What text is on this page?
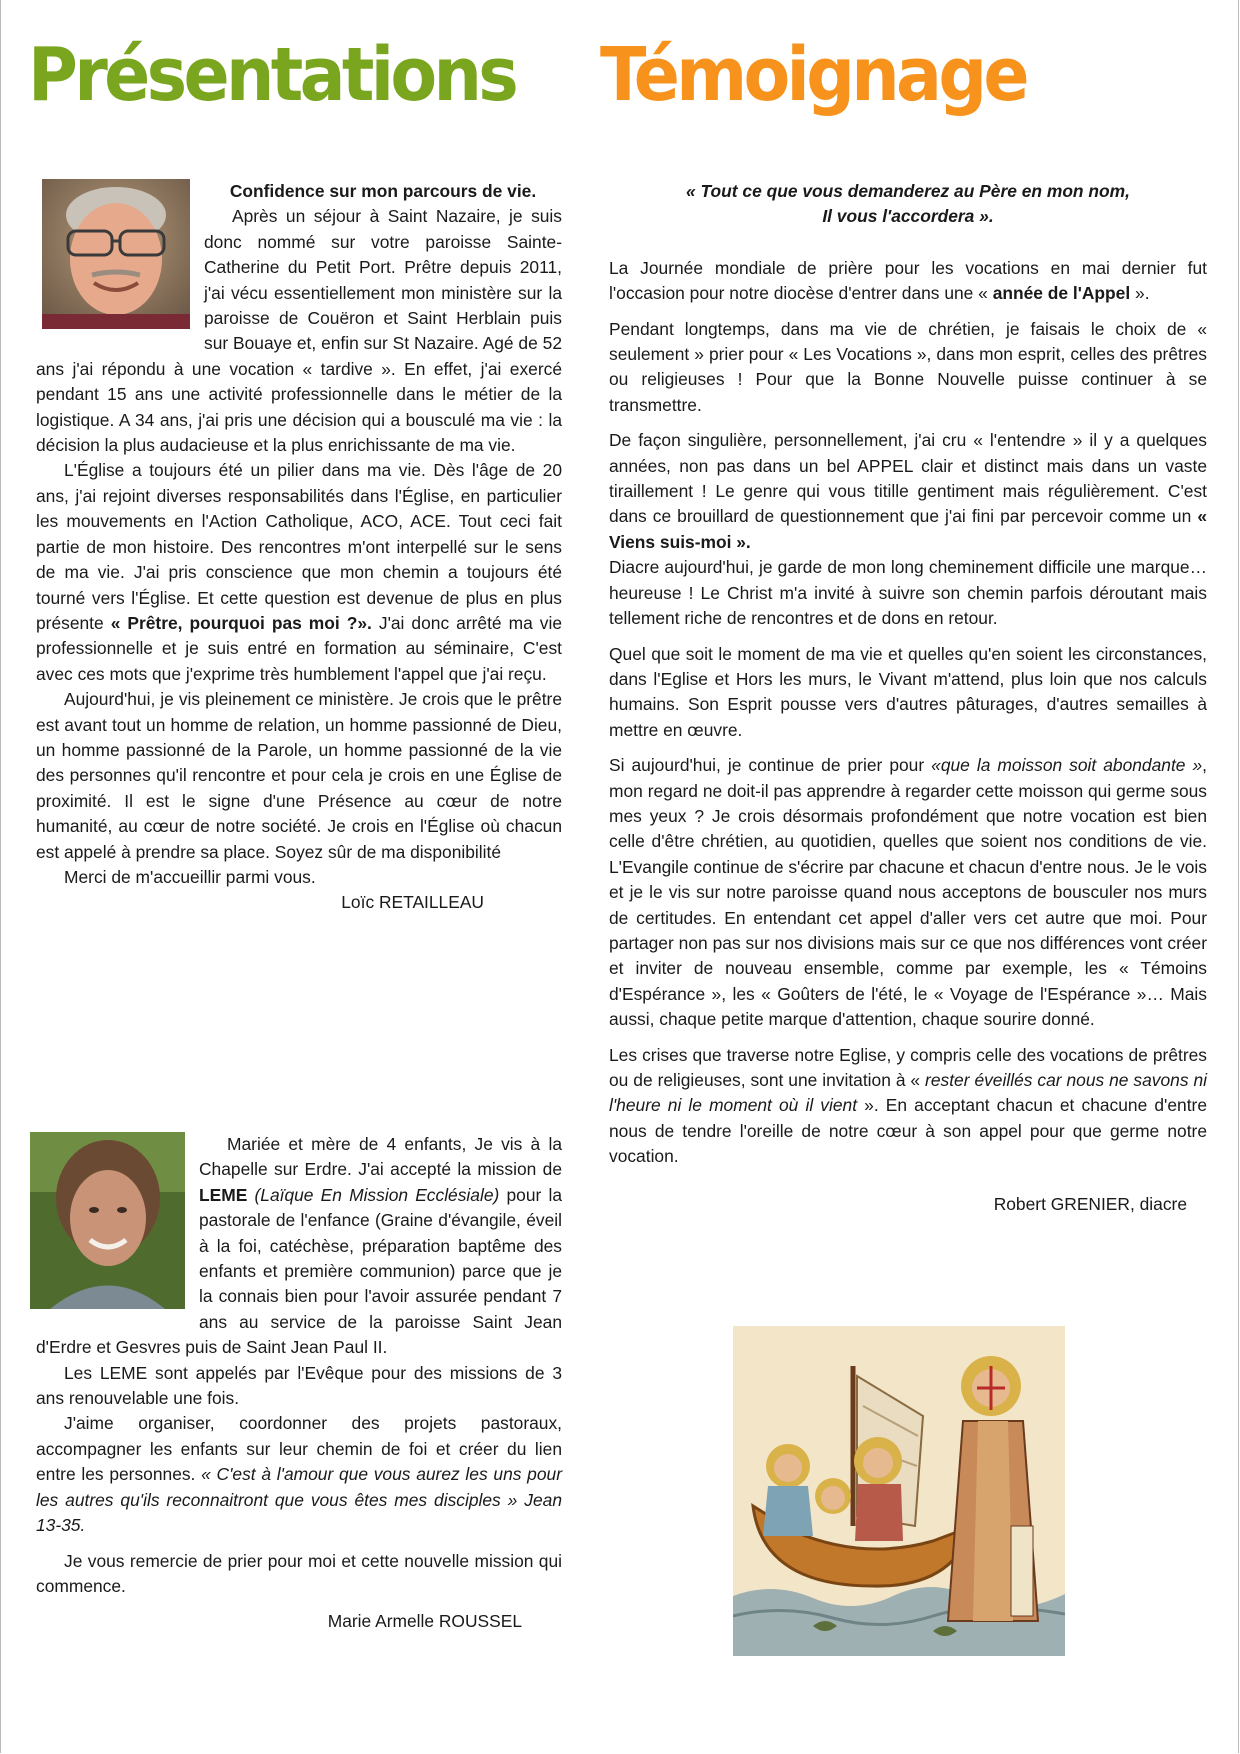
Présentations Témoignage

Confidence sur mon parcours de vie.

Après un séjour à Saint Nazaire, je suis donc nommé sur votre paroisse Sainte-Catherine du Petit Port. Prêtre depuis 2011, j'ai vécu essentiellement mon ministère sur la paroisse de Couëron et Saint Herblain puis sur Bouaye et, enfin sur St Nazaire. Agé de 52 ans j'ai répondu à une vocation « tardive ». En effet, j'ai exercé pendant 15 ans une activité professionnelle dans le métier de la logistique. A 34 ans, j'ai pris une décision qui a bousculé ma vie : la décision la plus audacieuse et la plus enrichissante de ma vie.

L'Église a toujours été un pilier dans ma vie. Dès l'âge de 20 ans, j'ai rejoint diverses responsabilités dans l'Église, en particulier les mouvements en l'Action Catholique, ACO, ACE. Tout ceci fait partie de mon histoire. Des rencontres m'ont interpellé sur le sens de ma vie. J'ai pris conscience que mon chemin a toujours été tourné vers l'Église. Et cette question est devenue de plus en plus présente « Prêtre, pourquoi pas moi ?». J'ai donc arrêté ma vie professionnelle et je suis entré en formation au séminaire, C'est avec ces mots que j'exprime très humblement l'appel que j'ai reçu.

Aujourd'hui, je vis pleinement ce ministère. Je crois que le prêtre est avant tout un homme de relation, un homme passionné de Dieu, un homme passionné de la Parole, un homme passionné de la vie des personnes qu'il rencontre et pour cela je crois en une Église de proximité. Il est le signe d'une Présence au cœur de notre humanité, au cœur de notre société. Je crois en l'Église où chacun est appelé à prendre sa place. Soyez sûr de ma disponibilité

Merci de m'accueillir parmi vous.

Loïc RETAILLEAU

Mariée et mère de 4 enfants, Je vis à la Chapelle sur Erdre. J'ai accepté la mission de LEME (Laïque En Mission Ecclésiale) pour la pastorale de l'enfance (Graine d'évangile, éveil à la foi, catéchèse, préparation baptême des enfants et première communion) parce que je la connais bien pour l'avoir assurée pendant 7 ans au service de la paroisse Saint Jean d'Erdre et Gesvres puis de Saint Jean Paul II.

Les LEME sont appelés par l'Evêque pour des missions de 3 ans renouvelable une fois.

J'aime organiser, coordonner des projets pastoraux, accompagner les enfants sur leur chemin de foi et créer du lien entre les personnes. « C'est à l'amour que vous aurez les uns pour les autres qu'ils reconnaitront que vous êtes mes disciples » Jean 13-35.

Je vous remercie de prier pour moi et cette nouvelle mission qui commence.

Marie Armelle ROUSSEL

« Tout ce que vous demanderez au Père en mon nom,

Il vous l'accordera ».

La Journée mondiale de prière pour les vocations en mai dernier fut l'occasion pour notre diocèse d'entrer dans une « année de l'Appel ».

Pendant longtemps, dans ma vie de chrétien, je faisais le choix de « seulement » prier pour « Les Vocations », dans mon esprit, celles des prêtres ou religieuses ! Pour que la Bonne Nouvelle puisse continuer à se transmettre.

De façon singulière, personnellement, j'ai cru « l'entendre » il y a quelques années, non pas dans un bel APPEL clair et distinct mais dans un vaste tiraillement ! Le genre qui vous titille gentiment mais régulièrement. C'est dans ce brouillard de questionnement que j'ai fini par percevoir comme un « Viens suis-moi ».

Diacre aujourd'hui, je garde de mon long cheminement difficile une marque… heureuse ! Le Christ m'a invité à suivre son chemin parfois déroutant mais tellement riche de rencontres et de dons en retour.

Quel que soit le moment de ma vie et quelles qu'en soient les circonstances, dans l'Eglise et Hors les murs, le Vivant m'attend, plus loin que nos calculs humains. Son Esprit pousse vers d'autres pâturages, d'autres semailles à mettre en œuvre.

Si aujourd'hui, je continue de prier pour «que la moisson soit abondante », mon regard ne doit-il pas apprendre à regarder cette moisson qui germe sous mes yeux ? Je crois désormais profondément que notre vocation est bien celle d'être chrétien, au quotidien, quelles que soient nos conditions de vie. L'Evangile continue de s'écrire par chacune et chacun d'entre nous. Je le vois et je le vis sur notre paroisse quand nous acceptons de bousculer nos murs de certitudes. En entendant cet appel d'aller vers cet autre que moi. Pour partager non pas sur nos divisions mais sur ce que nos différences vont créer et inviter de nouveau ensemble, comme par exemple, les « Témoins d'Espérance », les « Goûters de l'été, le « Voyage de l'Espérance »… Mais aussi, chaque petite marque d'attention, chaque sourire donné.

Les crises que traverse notre Eglise, y compris celle des vocations de prêtres ou de religieuses, sont une invitation à « rester éveillés car nous ne savons ni l'heure ni le moment où il vient ». En acceptant chacun et chacune d'entre nous de tendre l'oreille de notre cœur à son appel pour que germe notre vocation.

Robert GRENIER, diacre
